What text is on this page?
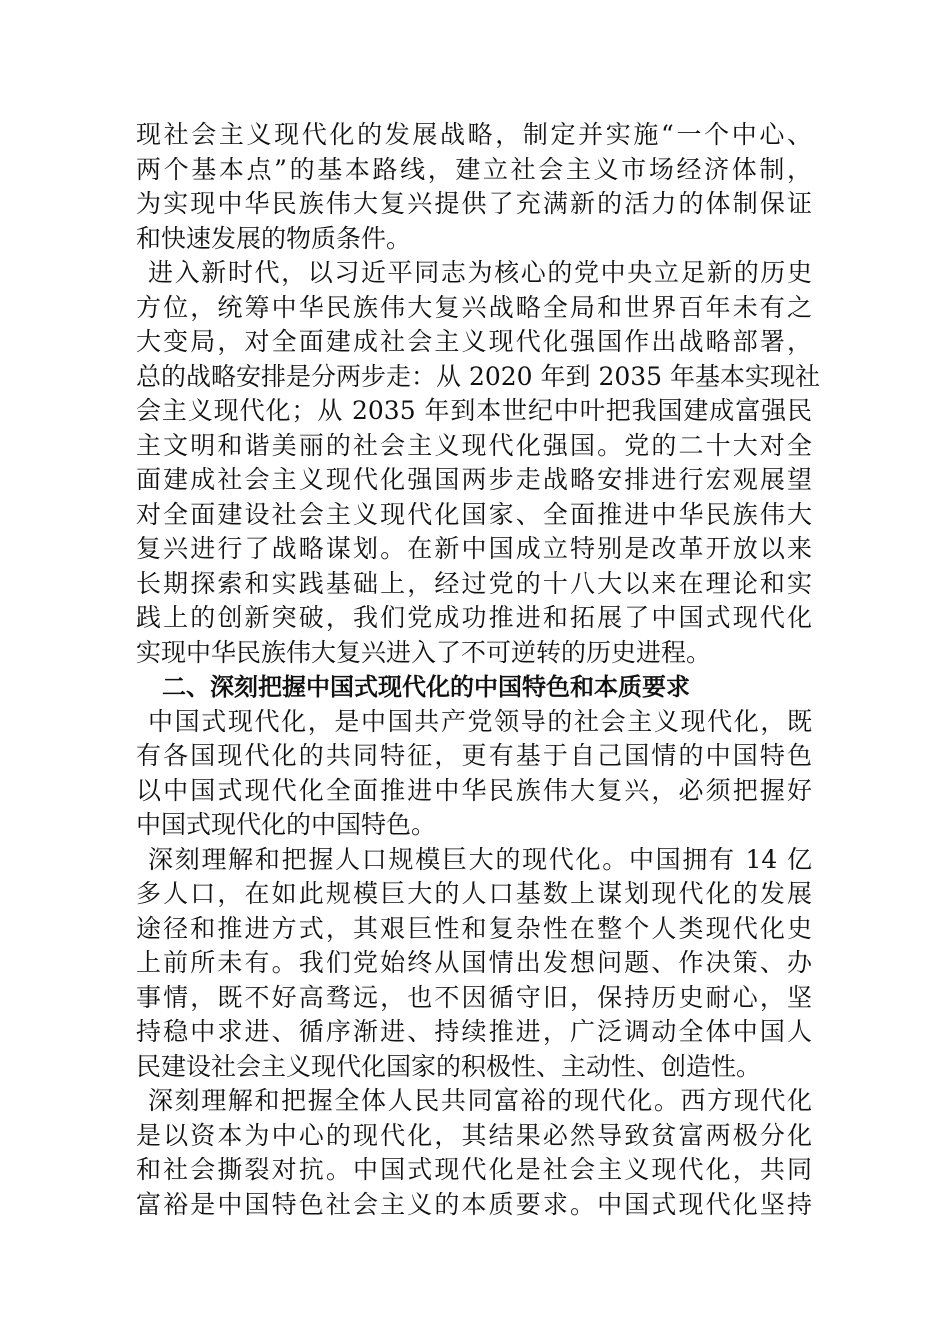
现社会主义现代化的发展战略，制定并实施“一个中心、
两个基本点”的基本路线，建立社会主义市场经济体制，
为实现中华民族伟大复兴提供了充满新的活力的体制保证
和快速发展的物质条件。
进入新时代，以习近平同志为核心的党中央立足新的历史
方位，统筹中华民族伟大复兴战略全局和世界百年未有之
大变局，对全面建成社会主义现代化强国作出战略部署，
总的战略安排是分两步走：从 2020 年到 2035 年基本实现社
会主义现代化；从 2035 年到本世纪中叶把我国建成富强民
主文明和谐美丽的社会主义现代化强国。党的二十大对全
面建成社会主义现代化强国两步走战略安排进行宏观展望
对全面建设社会主义现代化国家、全面推进中华民族伟大
复兴进行了战略谋划。在新中国成立特别是改革开放以来
长期探索和实践基础上，经过党的十八大以来在理论和实
践上的创新突破，我们党成功推进和拓展了中国式现代化
实现中华民族伟大复兴进入了不可逆转的历史进程。
二、深刻把握中国式现代化的中国特色和本质要求
中国式现代化，是中国共产党领导的社会主义现代化，既
有各国现代化的共同特征，更有基于自己国情的中国特色
以中国式现代化全面推进中华民族伟大复兴，必须把握好
中国式现代化的中国特色。
深刻理解和把握人口规模巨大的现代化。中国拥有 14 亿
多人口，在如此规模巨大的人口基数上谋划现代化的发展
途径和推进方式，其艰巨性和复杂性在整个人类现代化史
上前所未有。我们党始终从国情出发想问题、作决策、办
事情，既不好高骛远，也不因循守旧，保持历史耐心，坚
持稳中求进、循序渐进、持续推进，广泛调动全体中国人
民建设社会主义现代化国家的积极性、主动性、创造性。
深刻理解和把握全体人民共同富裕的现代化。西方现代化
是以资本为中心的现代化，其结果必然导致贫富两极分化
和社会撕裂对抗。中国式现代化是社会主义现代化，共同
富裕是中国特色社会主义的本质要求。中国式现代化坚持
